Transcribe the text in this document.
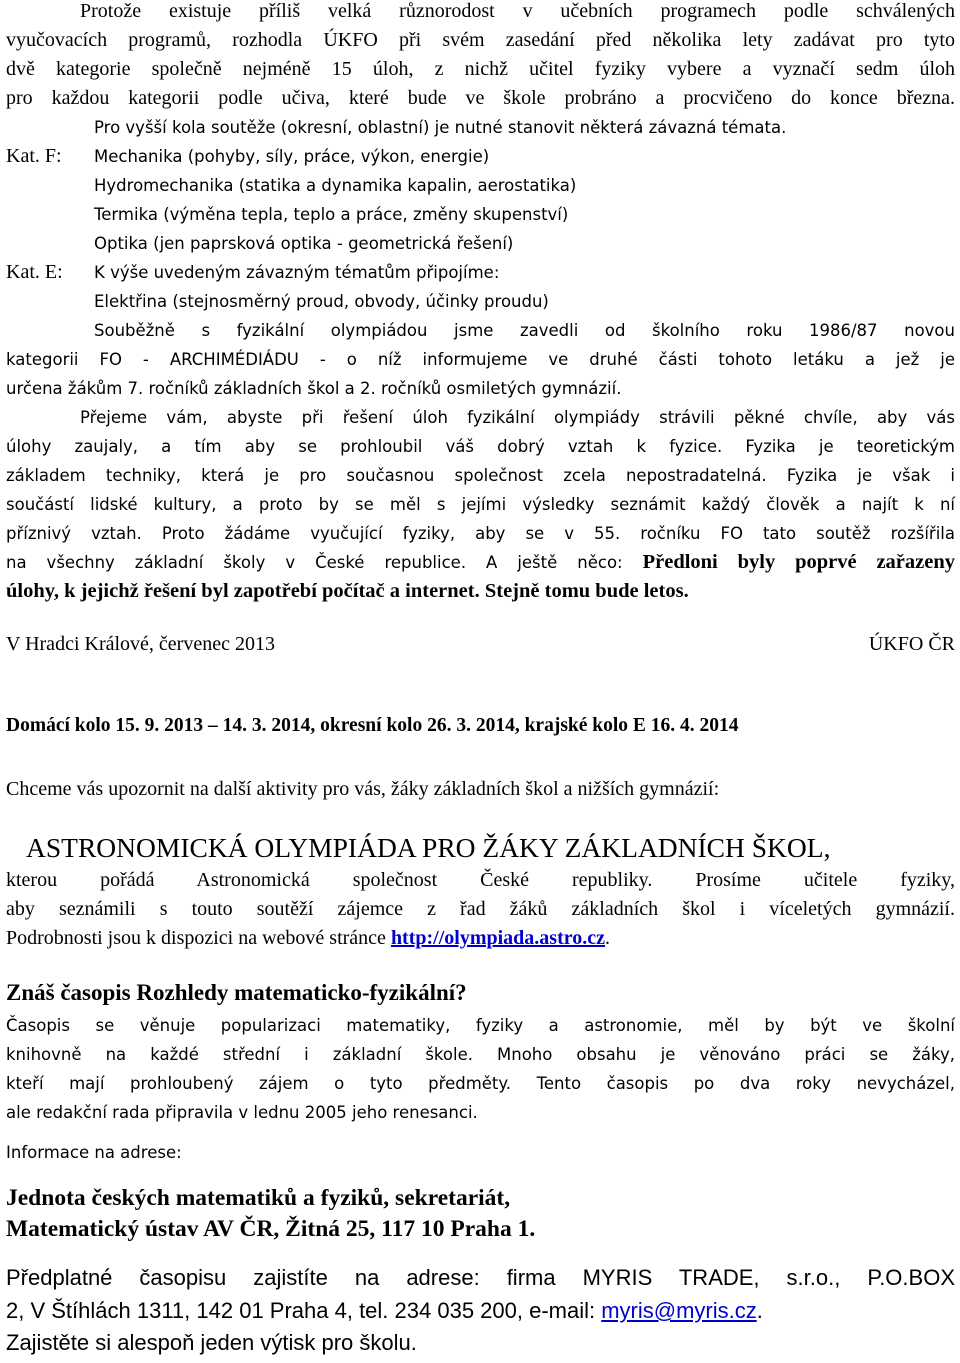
Protože existuje příliš velká různorodost v učebních programech podle schválených
vyučovacích programů, rozhodla ÚKFO při svém zasedání před několika lety zadávat pro tyto
dvě kategorie společně nejméně 15 úloh, z nichž učitel fyziky vybere a vyznačí sedm úloh
pro každou kategorii podle učiva, které bude ve škole probráno a procvičeno do konce března.
Pro vyšší kola soutěže (okresní, oblastní) je nutné stanovit některá závazná témata.
Kat. F: Mechanika (pohyby, síly, práce, výkon, energie)
Hydromechanika (statika a dynamika kapalin, aerostatika)
Termika (výměna tepla, teplo a práce, změny skupenství)
Optika (jen paprsková optika - geometrická řešení)
Kat. E: K výše uvedeným závazným tématům připojíme:
Elektřina (stejnosměrný proud, obvody, účinky proudu)
Souběžně s fyzikální olympiádou jsme zavedli od školního roku 1986/87 novou
kategorii FO - ARCHIMÉDIÁDU - o níž informujeme ve druhé části tohoto letáku a jež je
určena žákům 7. ročníků základních škol a 2. ročníků osmiletých gymnázií.
Přejeme vám, abyste při řešení úloh fyzikální olympiády strávili pěkné chvíle, aby vás
úlohy zaujaly, a tím aby se prohloubil váš dobrý vztah k fyzice. Fyzika je teoretickým
základem techniky, která je pro současnou společnost zcela nepostradatelná. Fyzika je však i
součástí lidské kultury, a proto by se měl s jejími výsledky seznámit každý člověk a najít k ní
příznivý vztah. Proto žádáme vyučující fyziky, aby se v 55. ročníku FO tato soutěž rozšířila
na všechny základní školy v České republice. A ještě něco: Předloni byly poprvé zařazeny
úlohy, k jejichž řešení byl zapotřebí počítač a internet. Stejně tomu bude letos.
V Hradci Králové, červenec 2013	ÚKFO ČR
Domácí kolo 15. 9. 2013 – 14. 3. 2014, okresní kolo 26. 3. 2014, krajské kolo E 16. 4. 2014
Chceme vás upozornit na další aktivity pro vás, žáky základních škol a nižších gymnázií:
ASTRONOMICKÁ OLYMPIÁDA PRO ŽÁKY ZÁKLADNÍCH ŠKOL,
kterou pořádá Astronomická společnost České republiky. Prosíme učitele fyziky,
aby seznámili s touto soutěží zájemce z řad žáků základních škol i víceletých gymnázií.
Podrobnosti jsou k dispozici na webové stránce http://olympiada.astro.cz.
Znáš časopis Rozhledy matematicko-fyzikální?
Časopis se věnuje popularizaci matematiky, fyziky a astronomie, měl by být ve školní
knihovně na každé střední i základní škole. Mnoho obsahu je věnováno práci se žáky,
kteří mají prohloubený zájem o tyto předměty. Tento časopis po dva roky nevycházel,
ale redakční rada připravila v lednu 2005 jeho renesanci.
Informace na adrese:
Jednota českých matematiků a fyziků, sekretariát,
Matematický ústav AV ČR, Žitná 25, 117 10 Praha 1.
Předplatné časopisu zajistíte na adrese: firma MYRIS TRADE, s.r.o., P.O.BOX
2, V Štíhlách 1311, 142 01 Praha 4, tel. 234 035 200, e-mail: myris@myris.cz.
Zajistěte si alespoň jeden výtisk pro školu.
